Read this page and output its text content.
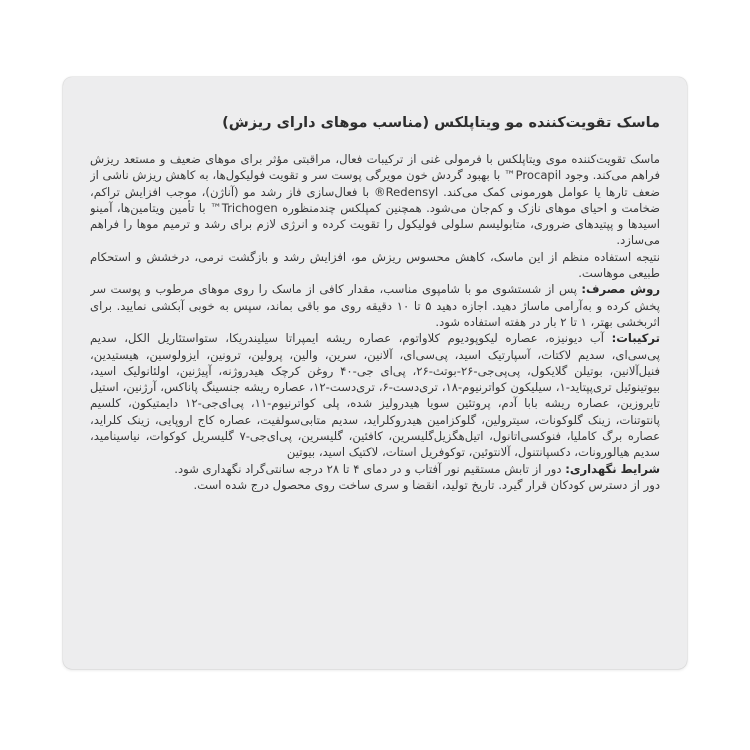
ماسک تقویت‌کننده مو ویتاپلکس (مناسب موهای دارای ریزش)

ماسک تقویت‌کننده موی ویتاپلکس با فرمولی غنی از ترکیبات فعال، مراقبتی مؤثر برای موهای ضعیف و مستعد ریزش فراهم می‌کند. وجود Procapil™ با بهبود گردش خون مویرگی پوست سر و تقویت فولیکول‌ها، به کاهش ریزش ناشی از ضعف تارها یا عوامل هورمونی کمک می‌کند. Redensyl® با فعال‌سازی فاز رشد مو (آناژن)، موجب افزایش تراکم، ضخامت و احیای موهای نازک و کم‌جان می‌شود. همچنین کمپلکس چندمنظوره Trichogen™ با تأمین ویتامین‌ها، آمینو اسیدها و پپتیدهای ضروری، متابولیسم سلولی فولیکول را تقویت کرده و انرژی لازم برای رشد و ترمیم موها را فراهم می‌سازد.

نتیجه استفاده منظم از این ماسک، کاهش محسوس ریزش مو، افزایش رشد و بازگشت نرمی، درخشش و استحکام طبیعی موهاست.

روش مصرف: پس از شستشوی مو با شامپوی مناسب، مقدار کافی از ماسک را روی موهای مرطوب و پوست سر پخش کرده و به‌آرامی ماساژ دهید. اجازه دهید ۵ تا ۱۰ دقیقه روی مو باقی بماند، سپس به خوبی آبکشی نمایید. برای اثربخشی بهتر، ۱ تا ۲ بار در هفته استفاده شود.

ترکیبات: آب دیونیزه، عصاره لیکوپودیوم کلاواتوم، عصاره ریشه ایمپراتا سیلیندریکا، ستواستئاریل الکل، سدیم پی‌سی‌ای، سدیم لاکتات، آسپارتیک اسید، پی‌سی‌ای، آلانین، سرین، والین، پرولین، ترونین، ایزولوسین، هیستیدین، فنیل‌آلانین، بوتیلن گلایکول، پی‌پی‌جی-۲۶-بوتث-۲۶، پی‌ای جی-۴۰ روغن کرچک هیدروژنه، آپیژنین، اولئانولیک اسید، بیوتینوئیل تری‌پپتاید-۱، سیلیکون کواترنیوم-۱۸، تری‌دست-۶، تری‌دست-۱۲، عصاره ریشه جنسینگ پاناکس، آرژنین، استیل تایروزین، عصاره ریشه بابا آدم، پروتئین سویا هیدرولیز شده، پلی کواترنیوم-۱۱، پی‌ای‌جی-۱۲ دایمتیکون، کلسیم پانتوتنات، زینک گلوکونات، سیترولین، گلوکزامین هیدروکلراید، سدیم متابی‌سولفیت، عصاره کاج اروپایی، زینک کلراید، عصاره برگ کاملیا، فنوکسی‌اتانول، اتیل‌هگزیل‌گلیسرین، کافئین، گلیسرین، پی‌ای‌جی-۷ گلیسریل کوکوات، نیاسینامید، سدیم هیالورونات، دکسپانتنول، آلانتوئین، توکوفریل استات، لاکتیک اسید، بیوتین

شرایط نگهداری: دور از تابش مستقیم نور آفتاب و در دمای ۴ تا ۲۸ درجه سانتی‌گراد نگهداری شود.

دور از دسترس کودکان قرار گیرد. تاریخ تولید، انقضا و سری ساخت روی محصول درج شده است.
